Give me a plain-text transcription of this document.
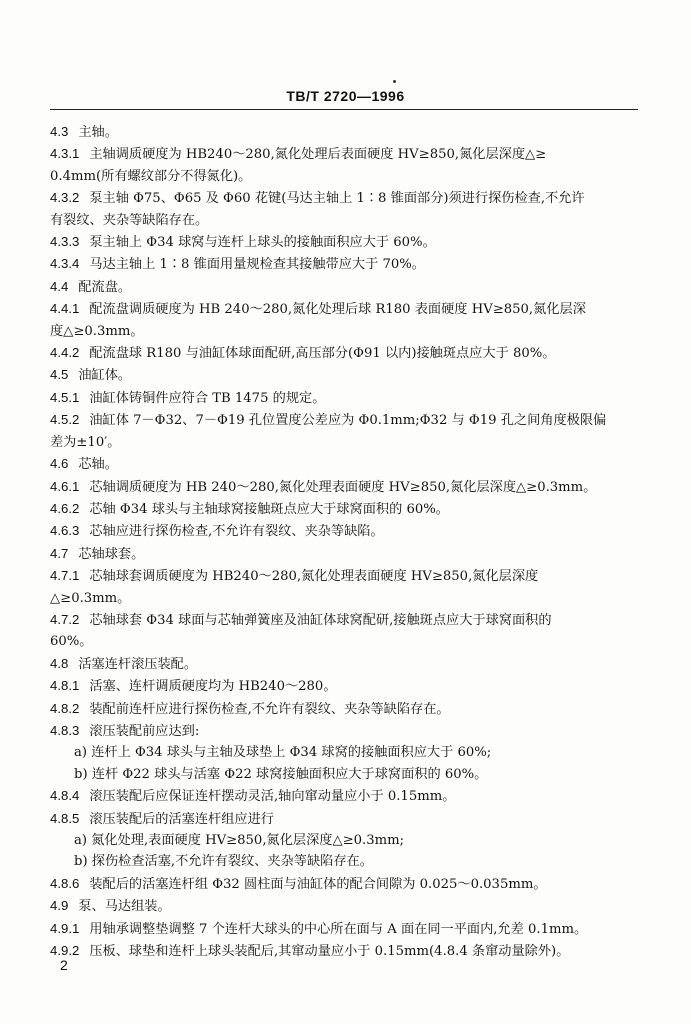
TB/T 2720—1996
4.3 主轴。
4.3.1 主轴调质硬度为 HB240～280,氮化处理后表面硬度 HV≥850,氮化层深度△≥
0.4mm(所有螺纹部分不得氮化)。
4.3.2 泵主轴 Φ75、Φ65 及 Φ60 花键(马达主轴上 1∶8 锥面部分)须进行探伤检查,不允许
有裂纹、夹杂等缺陷存在。
4.3.3 泵主轴上 Φ34 球窝与连杆上球头的接触面积应大于 60%。
4.3.4 马达主轴上 1∶8 锥面用量规检查其接触带应大于 70%。
4.4 配流盘。
4.4.1 配流盘调质硬度为 HB 240～280,氮化处理后球 R180 表面硬度 HV≥850,氮化层深
度△≥0.3mm。
4.4.2 配流盘球 R180 与油缸体球面配研,高压部分(Φ91 以内)接触斑点应大于 80%。
4.5 油缸体。
4.5.1 油缸体铸铜件应符合 TB 1475 的规定。
4.5.2 油缸体 7－Φ32、7－Φ19 孔位置度公差应为 Φ0.1mm;Φ32 与 Φ19 孔之间角度极限偏
差为±10′。
4.6 芯轴。
4.6.1 芯轴调质硬度为 HB 240～280,氮化处理表面硬度 HV≥850,氮化层深度△≥0.3mm。
4.6.2 芯轴 Φ34 球头与主轴球窝接触斑点应大于球窝面积的 60%。
4.6.3 芯轴应进行探伤检查,不允许有裂纹、夹杂等缺陷。
4.7 芯轴球套。
4.7.1 芯轴球套调质硬度为 HB240～280,氮化处理表面硬度 HV≥850,氮化层深度
△≥0.3mm。
4.7.2 芯轴球套 Φ34 球面与芯轴弹簧座及油缸体球窝配研,接触斑点应大于球窝面积的
60%。
4.8 活塞连杆滚压装配。
4.8.1 活塞、连杆调质硬度均为 HB240～280。
4.8.2 装配前连杆应进行探伤检查,不允许有裂纹、夹杂等缺陷存在。
4.8.3 滚压装配前应达到:
a) 连杆上 Φ34 球头与主轴及球垫上 Φ34 球窝的接触面积应大于 60%;
b) 连杆 Φ22 球头与活塞 Φ22 球窝接触面积应大于球窝面积的 60%。
4.8.4 滚压装配后应保证连杆摆动灵活,轴向窜动量应小于 0.15mm。
4.8.5 滚压装配后的活塞连杆组应进行
a) 氮化处理,表面硬度 HV≥850,氮化层深度△≥0.3mm;
b) 探伤检查活塞,不允许有裂纹、夹杂等缺陷存在。
4.8.6 装配后的活塞连杆组 Φ32 圆柱面与油缸体的配合间隙为 0.025～0.035mm。
4.9 泵、马达组装。
4.9.1 用轴承调整垫调整 7 个连杆大球头的中心所在面与 A 面在同一平面内,允差 0.1mm。
4.9.2 压板、球垫和连杆上球头装配后,其窜动量应小于 0.15mm(4.8.4 条窜动量除外)。
2
